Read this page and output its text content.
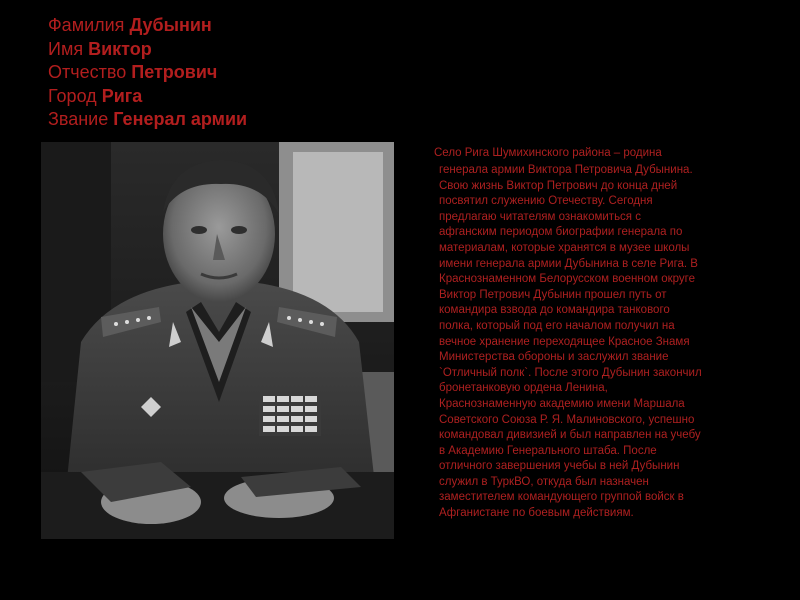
Фамилия Дубынин

Имя Виктор

Отчество Петрович

Город Рига

Звание Генерал армии

Село Рига Шумихинского района – родина
генерала армии Виктора Петровича Дубынина.
Свою жизнь Виктор Петрович до конца дней
посвятил служению Отечеству. Сегодня
предлагаю читателям ознакомиться с
афганским периодом биографии генерала по
материалам, которые хранятся в музее школы
имени генерала армии Дубынина в селе Рига. В
Краснознаменном Белорусском военном округе
Виктор Петрович Дубынин прошел путь от
командира взвода до командира танкового
полка, который под его началом получил на
вечное хранение переходящее Красное Знамя
Министерства обороны и заслужил звание
`Отличный полк`. После этого Дубынин закончил
бронетанковую ордена Ленина,
Краснознаменную академию имени Маршала
Советского Союза Р. Я. Малиновского, успешно
командовал дивизией и был направлен на учебу
в Академию Генерального штаба. После
отличного завершения учебы в ней Дубынин
служил в ТуркВО, откуда был назначен
заместителем командующего группой войск в
Афганистане по боевым действиям.
